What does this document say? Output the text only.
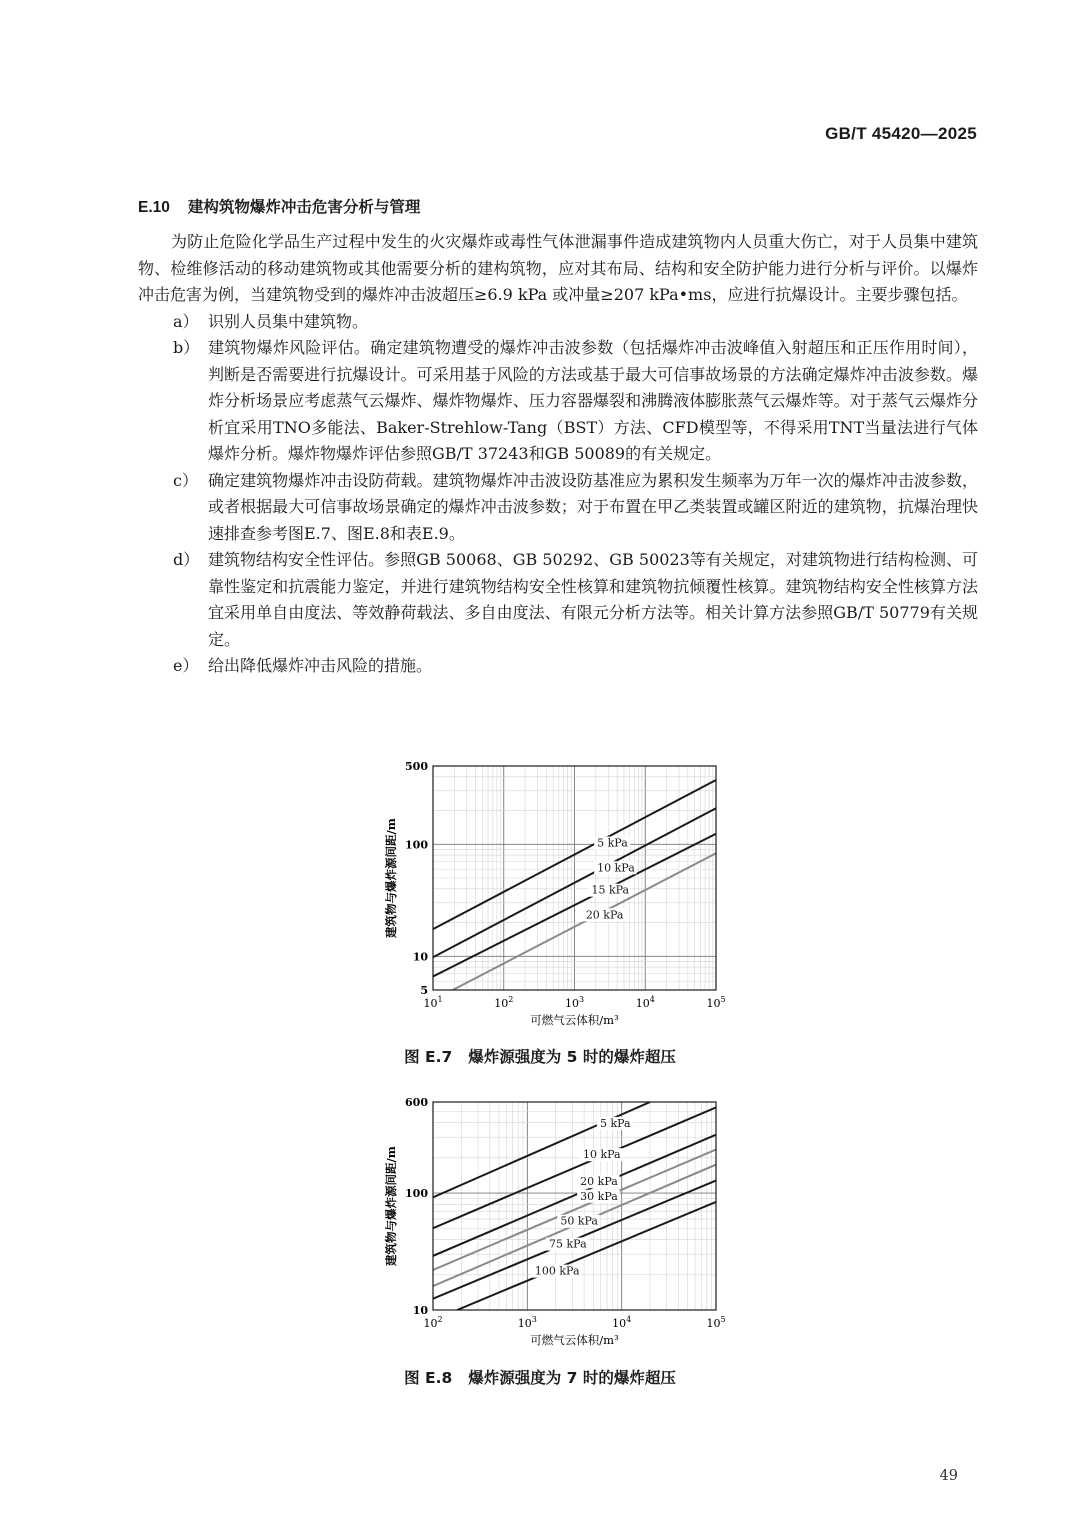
GB/T 45420—2025
E.10 建构筑物爆炸冲击危害分析与管理

为防止危险化学品生产过程中发生的火灾爆炸或毒性气体泄漏事件造成建筑物内人员重大伤亡，对于人员集中建筑物、检维修活动的移动建筑物或其他需要分析的建构筑物，应对其布局、结构和安全防护能力进行分析与评价。以爆炸冲击危害为例，当建筑物受到的爆炸冲击波超压≥6.9 kPa 或冲量≥207 kPa•ms，应进行抗爆设计。主要步骤包括。

a） 识别人员集中建筑物。
b） 建筑物爆炸风险评估。确定建筑物遭受的爆炸冲击波参数（包括爆炸冲击波峰值入射超压和正压作用时间），判断是否需要进行抗爆设计。可采用基于风险的方法或基于最大可信事故场景的方法确定爆炸冲击波参数。爆炸分析场景应考虑蒸气云爆炸、爆炸物爆炸、压力容器爆裂和沸腾液体膨胀蒸气云爆炸等。对于蒸气云爆炸分析宜采用TNO多能法、Baker-Strehlow-Tang（BST）方法、CFD模型等，不得采用TNT当量法进行气体爆炸分析。爆炸物爆炸评估参照GB/T 37243和GB 50089的有关规定。
c） 确定建筑物爆炸冲击设防荷载。建筑物爆炸冲击波设防基准应为累积发生频率为万年一次的爆炸冲击波参数，或者根据最大可信事故场景确定的爆炸冲击波参数；对于布置在甲乙类装置或罐区附近的建筑物，抗爆治理快速排查参考图E.7、图E.8和表E.9。
d） 建筑物结构安全性评估。参照GB 50068、GB 50292、GB 50023等有关规定，对建筑物进行结构检测、可靠性鉴定和抗震能力鉴定，并进行建筑物结构安全性核算和建筑物抗倾覆性核算。建筑物结构安全性核算方法宜采用单自由度法、等效静荷载法、多自由度法、有限元分析方法等。相关计算方法参照GB/T 50779有关规定。
e） 给出降低爆炸冲击风险的措施。
5 kPa
10 kPa
15 kPa
20 kPa
500
100
10
5
$10^1$	$10^2$	$10^3$	$10^4$	$10^5$
可燃气云体积/m³
建筑物与爆炸源间距/m
图 E.7 爆炸源强度为 5 时的爆炸超压
5 kPa
10 kPa
20 kPa
30 kPa
50 kPa
75 kPa
100 kPa
600
100
10
$10^2$	$10^3$	$10^4$	$10^5$
可燃气云体积/m³
建筑物与爆炸源间距/m
图 E.8 爆炸源强度为 7 时的爆炸超压
49
